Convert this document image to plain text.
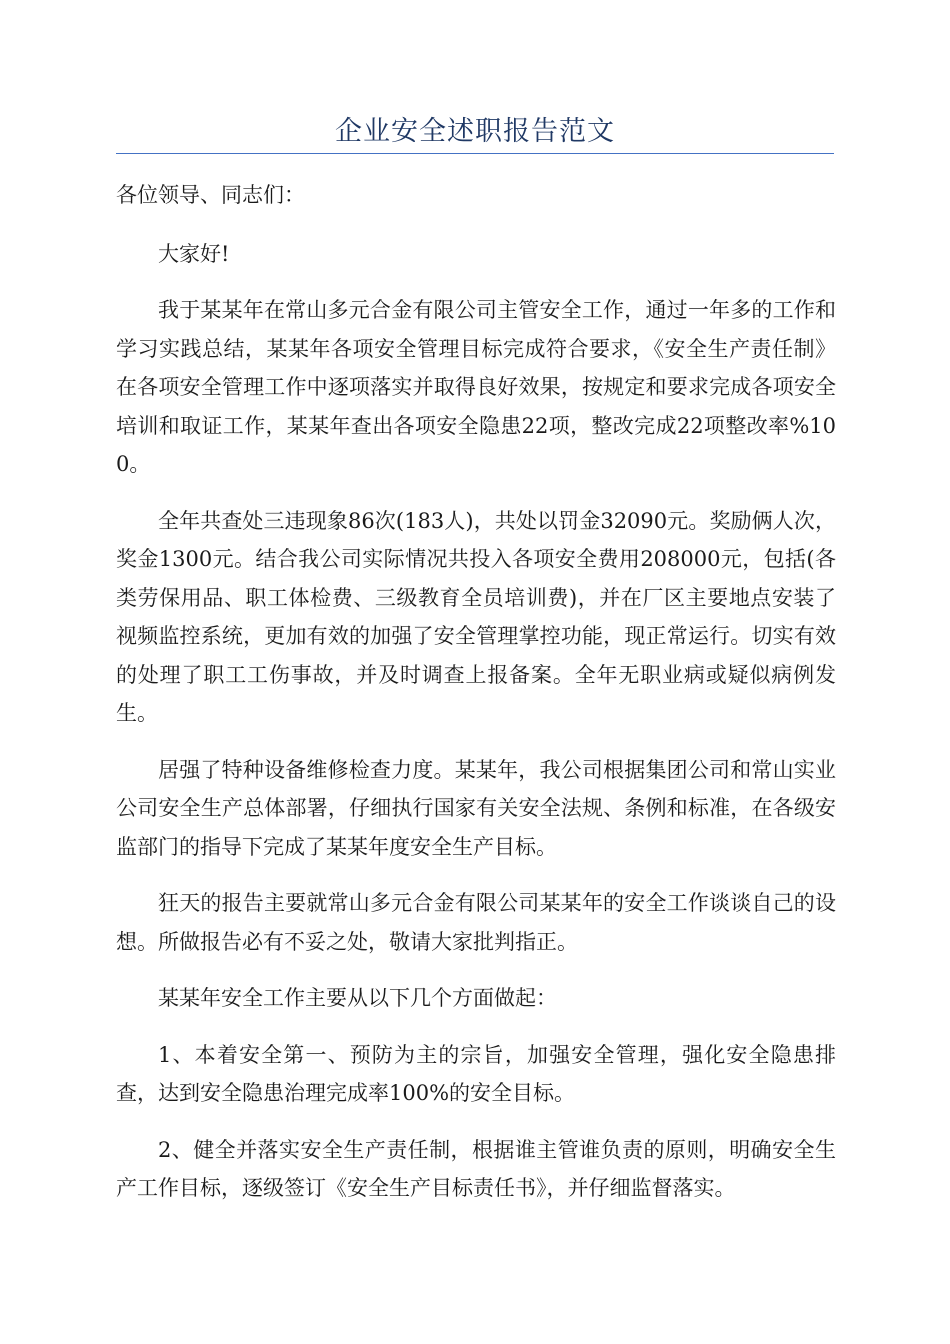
企业安全述职报告范文

各位领导、同志们：

大家好!

我于某某年在常山多元合金有限公司主管安全工作，通过一年多的工作和学习实践总结，某某年各项安全管理目标完成符合要求，《安全生产责任制》在各项安全管理工作中逐项落实并取得良好效果，按规定和要求完成各项安全培训和取证工作，某某年查出各项安全隐患22项，整改完成22项整改率%100。

全年共查处三违现象86次(183人)，共处以罚金32090元。奖励俩人次，奖金1300元。结合我公司实际情况共投入各项安全费用208000元，包括(各类劳保用品、职工体检费、三级教育全员培训费)，并在厂区主要地点安装了视频监控系统，更加有效的加强了安全管理掌控功能，现正常运行。切实有效的处理了职工工伤事故，并及时调查上报备案。全年无职业病或疑似病例发生。

居强了特种设备维修检查力度。某某年，我公司根据集团公司和常山实业公司安全生产总体部署，仔细执行国家有关安全法规、条例和标准，在各级安监部门的指导下完成了某某年度安全生产目标。

狂天的报告主要就常山多元合金有限公司某某年的安全工作谈谈自己的设想。所做报告必有不妥之处，敬请大家批判指正。

某某年安全工作主要从以下几个方面做起：

1、本着安全第一、预防为主的宗旨，加强安全管理，强化安全隐患排查，达到安全隐患治理完成率100%的安全目标。

2、健全并落实安全生产责任制，根据谁主管谁负责的原则，明确安全生产工作目标，逐级签订《安全生产目标责任书》，并仔细监督落实。
